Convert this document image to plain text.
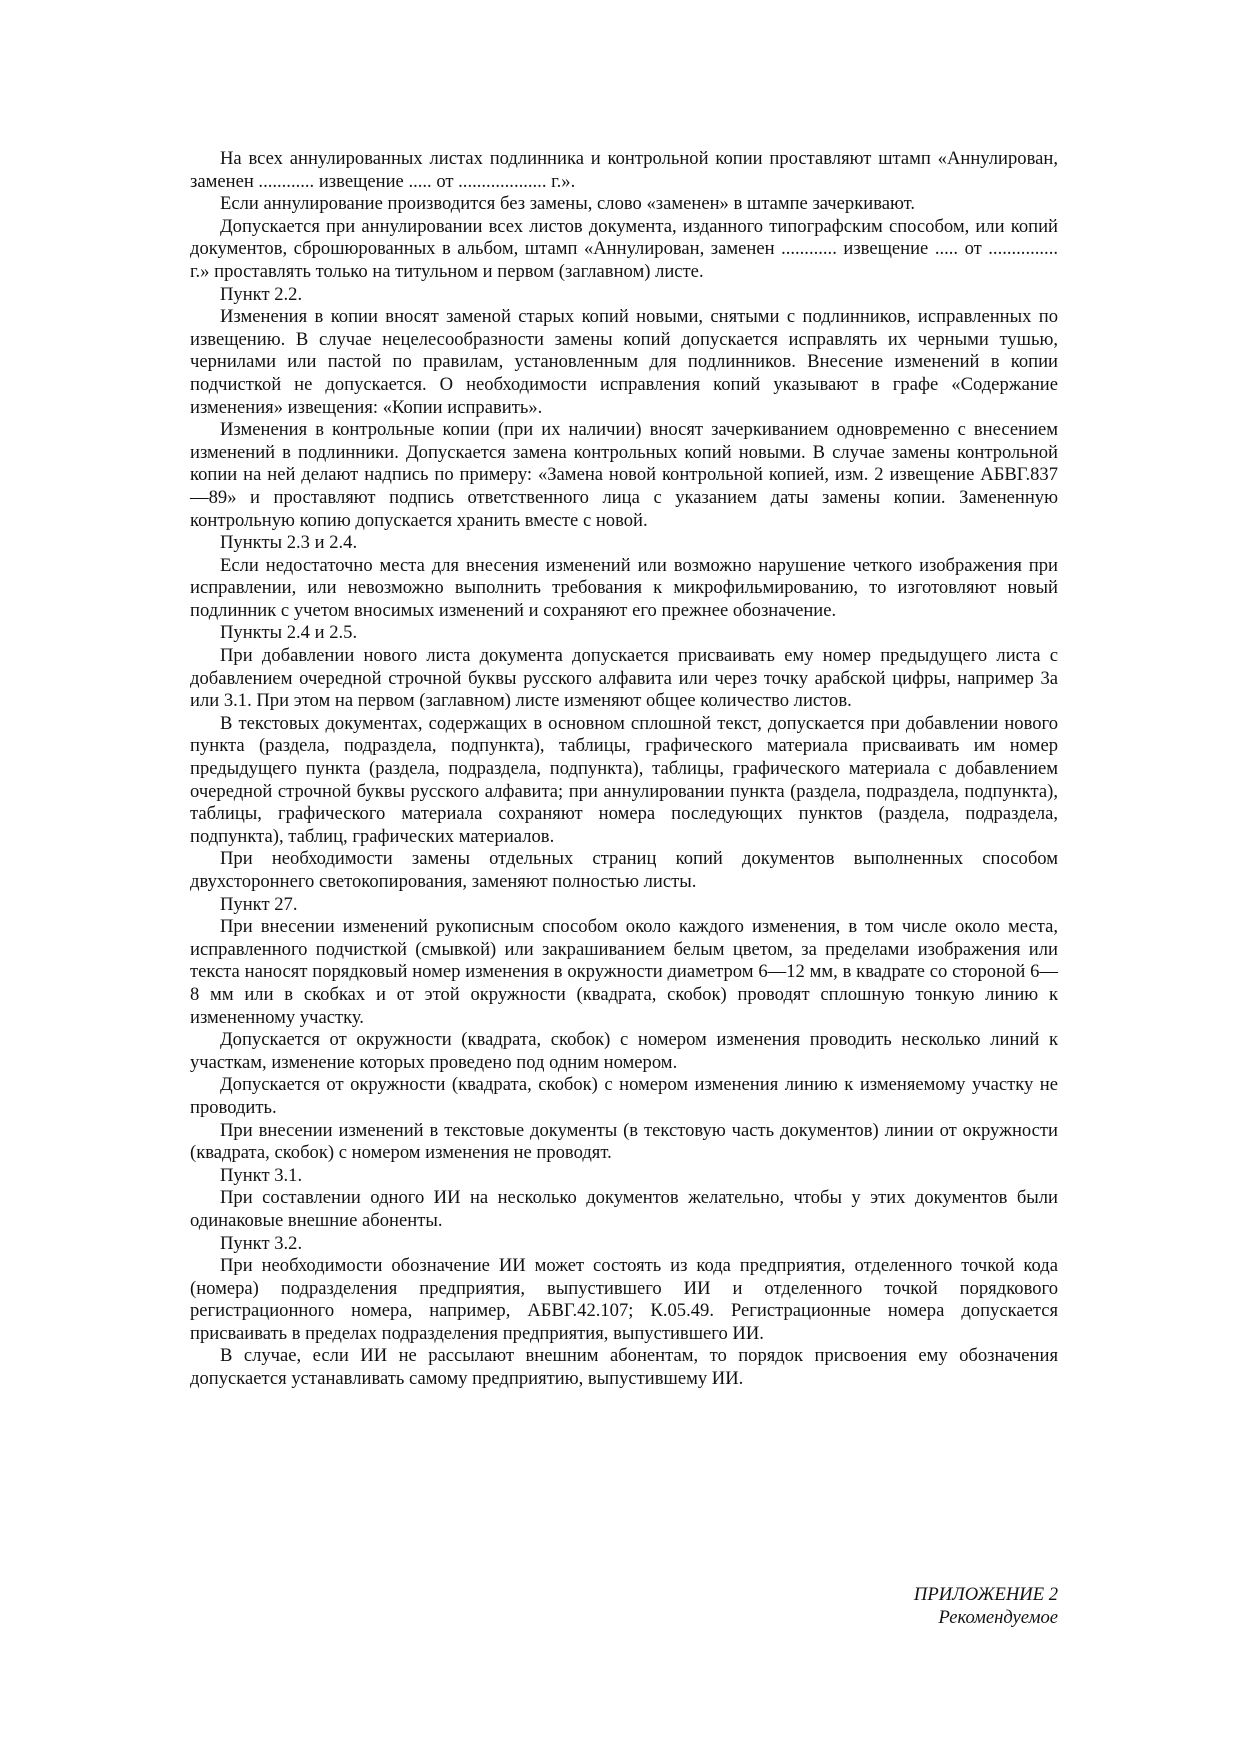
На всех аннулированных листах подлинника и контрольной копии проставляют штамп «Аннулирован, заменен ............ извещение ..... от ................... г.».

Если аннулирование производится без замены, слово «заменен» в штампе зачеркивают.

Допускается при аннулировании всех листов документа, изданного типографским способом, или копий документов, сброшюрованных в альбом, штамп «Аннулирован, заменен ............ извещение ..... от ............... г.» проставлять только на титульном и первом (заглавном) листе.

Пункт 2.2.

Изменения в копии вносят заменой старых копий новыми, снятыми с подлинников, исправленных по извещению. В случае нецелесообразности замены копий допускается исправлять их черными тушью, чернилами или пастой по правилам, установленным для подлинников. Внесение изменений в копии подчисткой не допускается. О необходимости исправления копий указывают в графе «Содержание изменения» извещения: «Копии исправить».

Изменения в контрольные копии (при их наличии) вносят зачеркиванием одновременно с внесением изменений в подлинники. Допускается замена контрольных копий новыми. В случае замены контрольной копии на ней делают надпись по примеру: «Замена новой контрольной копией, изм. 2 извещение АБВГ.837—89» и проставляют подпись ответственного лица с указанием даты замены копии. Замененную контрольную копию допускается хранить вместе с новой.

Пункты 2.3 и 2.4.

Если недостаточно места для внесения изменений или возможно нарушение четкого изображения при исправлении, или невозможно выполнить требования к микрофильмированию, то изготовляют новый подлинник с учетом вносимых изменений и сохраняют его прежнее обозначение.

Пункты 2.4 и 2.5.

При добавлении нового листа документа допускается присваивать ему номер предыдущего листа с добавлением очередной строчной буквы русского алфавита или через точку арабской цифры, например 3а или 3.1. При этом на первом (заглавном) листе изменяют общее количество листов.

В текстовых документах, содержащих в основном сплошной текст, допускается при добавлении нового пункта (раздела, подраздела, подпункта), таблицы, графического материала присваивать им номер предыдущего пункта (раздела, подраздела, подпункта), таблицы, графического материала с добавлением очередной строчной буквы русского алфавита; при аннулировании пункта (раздела, подраздела, подпункта), таблицы, графического материала сохраняют номера последующих пунктов (раздела, подраздела, подпункта), таблиц, графических материалов.

При необходимости замены отдельных страниц копий документов выполненных способом двухстороннего светокопирования, заменяют полностью листы.

Пункт 27.

При внесении изменений рукописным способом около каждого изменения, в том числе около места, исправленного подчисткой (смывкой) или закрашиванием белым цветом, за пределами изображения или текста наносят порядковый номер изменения в окружности диаметром 6—12 мм, в квадрате со стороной 6—8 мм или в скобках и от этой окружности (квадрата, скобок) проводят сплошную тонкую линию к измененному участку.

Допускается от окружности (квадрата, скобок) с номером изменения проводить несколько линий к участкам, изменение которых проведено под одним номером.

Допускается от окружности (квадрата, скобок) с номером изменения линию к изменяемому участку не проводить.

При внесении изменений в текстовые документы (в текстовую часть документов) линии от окружности (квадрата, скобок) с номером изменения не проводят.

Пункт 3.1.

При составлении одного ИИ на несколько документов желательно, чтобы у этих документов были одинаковые внешние абоненты.

Пункт 3.2.

При необходимости обозначение ИИ может состоять из кода предприятия, отделенного точкой кода (номера) подразделения предприятия, выпустившего ИИ и отделенного точкой порядкового регистрационного номера, например, АБВГ.42.107; К.05.49. Регистрационные номера допускается присваивать в пределах подразделения предприятия, выпустившего ИИ.

В случае, если ИИ не рассылают внешним абонентам, то порядок присвоения ему обозначения допускается устанавливать самому предприятию, выпустившему ИИ.

ПРИЛОЖЕНИЕ 2
Рекомендуемое
